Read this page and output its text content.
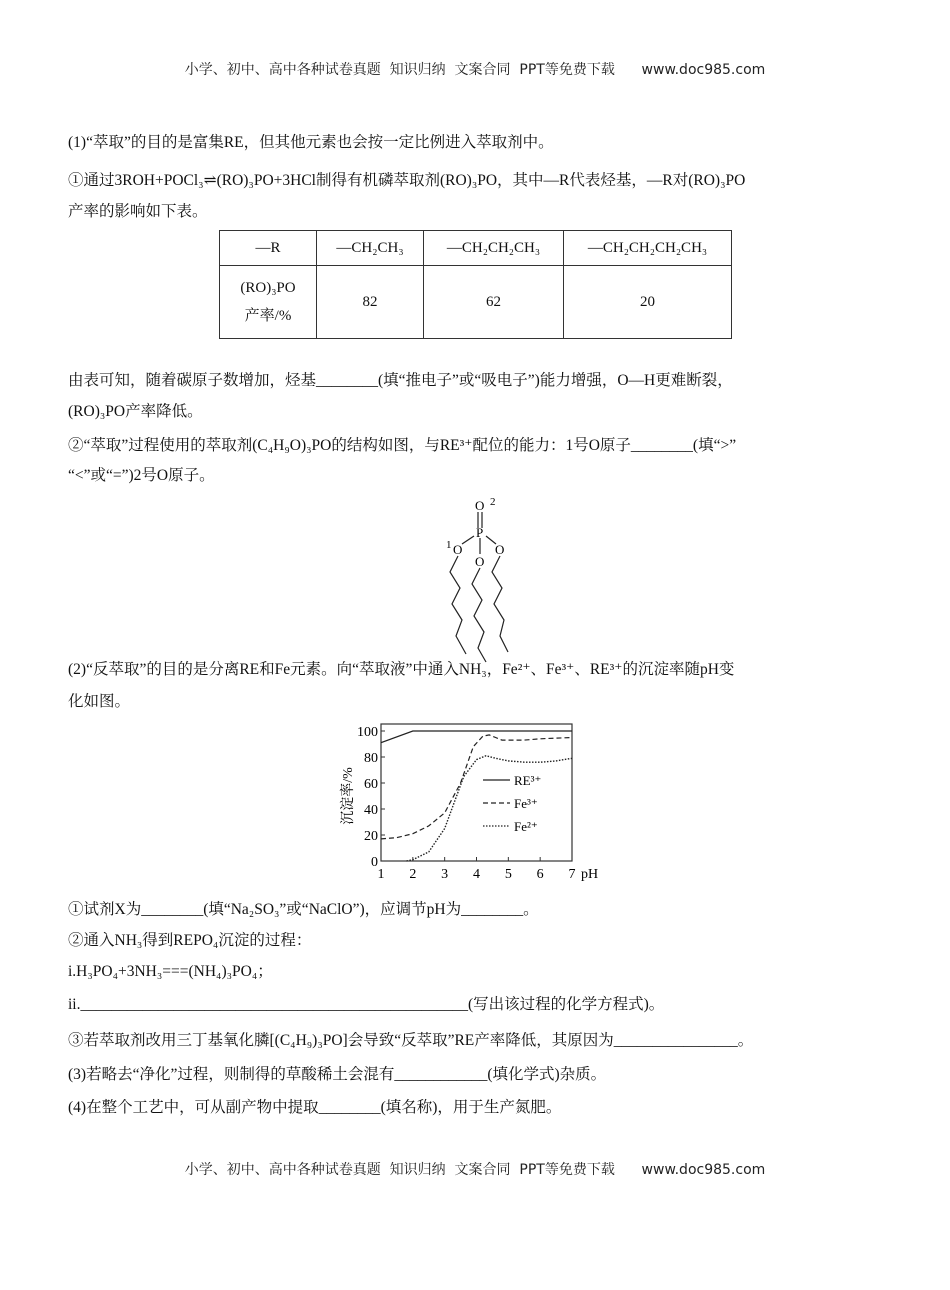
小学、初中、高中各种试卷真题  知识归纳  文案合同  PPT等免费下载      www.doc985.com
(1)“萃取”的目的是富集RE，但其他元素也会按一定比例进入萃取剂中。
①通过3ROH+POCl₃⇌(RO)₃PO+3HCl制得有机磷萃取剂(RO)₃PO，其中—R代表烃基，—R对(RO)₃PO
产率的影响如下表。
—R	—CH₂CH₃	—CH₂CH₂CH₃	—CH₂CH₂CH₂CH₃
(RO)₃PO
产率/%	82	62	20
由表可知，随着碳原子数增加，烃基________(填“推电子”或“吸电子”)能力增强，O—H更难断裂，
(RO)₃PO产率降低。
②“萃取”过程使用的萃取剂(C₄H₉O)₃PO的结构如图，与RE³⁺配位的能力：1号O原子________(填“>”
“<”或“=”)2号O原子。
O
P
O
O
O
1
2
(2)“反萃取”的目的是分离RE和Fe元素。向“萃取液”中通入NH₃，Fe²⁺、Fe³⁺、RE³⁺的沉淀率随pH变
化如图。
1 2 3 4 5 6 7
0
20
40
60
80
100
pH
沉淀率/%	RE³⁺
Fe³⁺
Fe²⁺
①试剂X为________(填“Na₂SO₃”或“NaClO”)，应调节pH为________。
②通入NH₃得到REPO₄沉淀的过程：
i.H₃PO₄+3NH₃===(NH₄)₃PO₄；
ii.__________________________________________________(写出该过程的化学方程式)。
③若萃取剂改用三丁基氧化膦[(C₄H₉)₃PO]会导致“反萃取”RE产率降低，其原因为________________。
(3)若略去“净化”过程，则制得的草酸稀土会混有____________(填化学式)杂质。
(4)在整个工艺中，可从副产物中提取________(填名称)，用于生产氮肥。
小学、初中、高中各种试卷真题  知识归纳  文案合同  PPT等免费下载      www.doc985.com
